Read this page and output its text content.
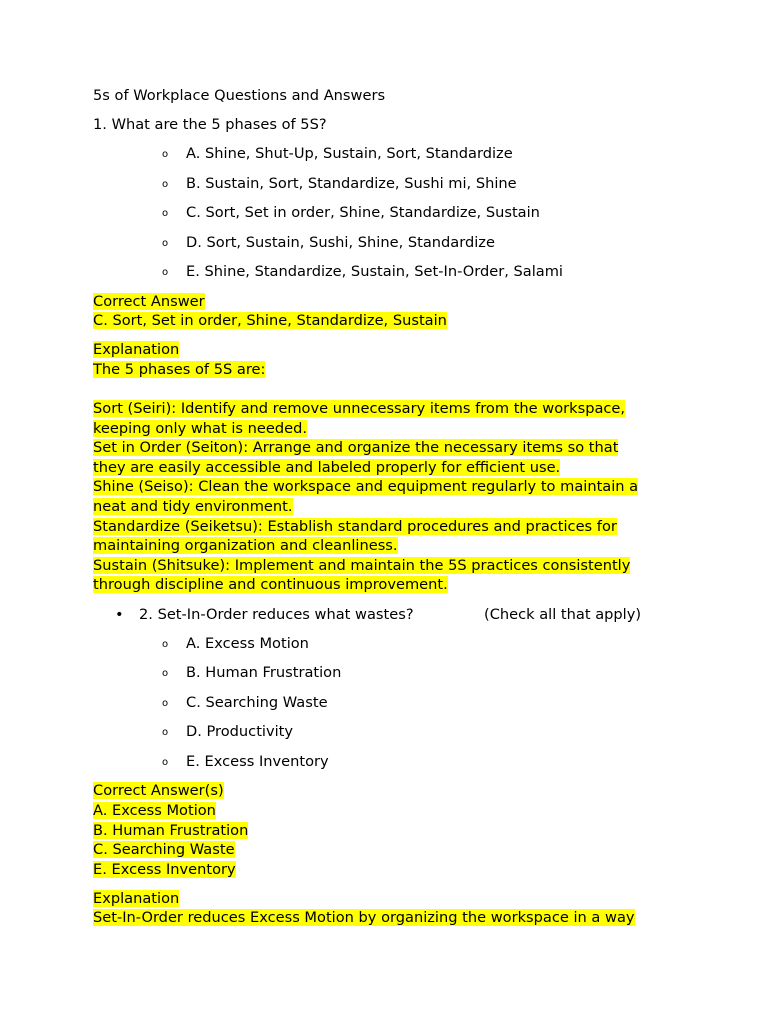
5s of Workplace Questions and Answers
1. What are the 5 phases of 5S?
o A. Shine, Shut-Up, Sustain, Sort, Standardize
o B. Sustain, Sort, Standardize, Sushi mi, Shine
o C. Sort, Set in order, Shine, Standardize, Sustain
o D. Sort, Sustain, Sushi, Shine, Standardize
o E. Shine, Standardize, Sustain, Set-In-Order, Salami
Correct Answer
C. Sort, Set in order, Shine, Standardize, Sustain
Explanation
The 5 phases of 5S are:
Sort (Seiri): Identify and remove unnecessary items from the workspace,
keeping only what is needed.
Set in Order (Seiton): Arrange and organize the necessary items so that
they are easily accessible and labeled properly for efficient use.
Shine (Seiso): Clean the workspace and equipment regularly to maintain a
neat and tidy environment.
Standardize (Seiketsu): Establish standard procedures and practices for
maintaining organization and cleanliness.
Sustain (Shitsuke): Implement and maintain the 5S practices consistently
through discipline and continuous improvement.
• 2. Set-In-Order reduces what wastes?	(Check all that apply)
o A. Excess Motion
o B. Human Frustration
o C. Searching Waste
o D. Productivity
o E. Excess Inventory
Correct Answer(s)
A. Excess Motion
B. Human Frustration
C. Searching Waste
E. Excess Inventory
Explanation
Set-In-Order reduces Excess Motion by organizing the workspace in a way
